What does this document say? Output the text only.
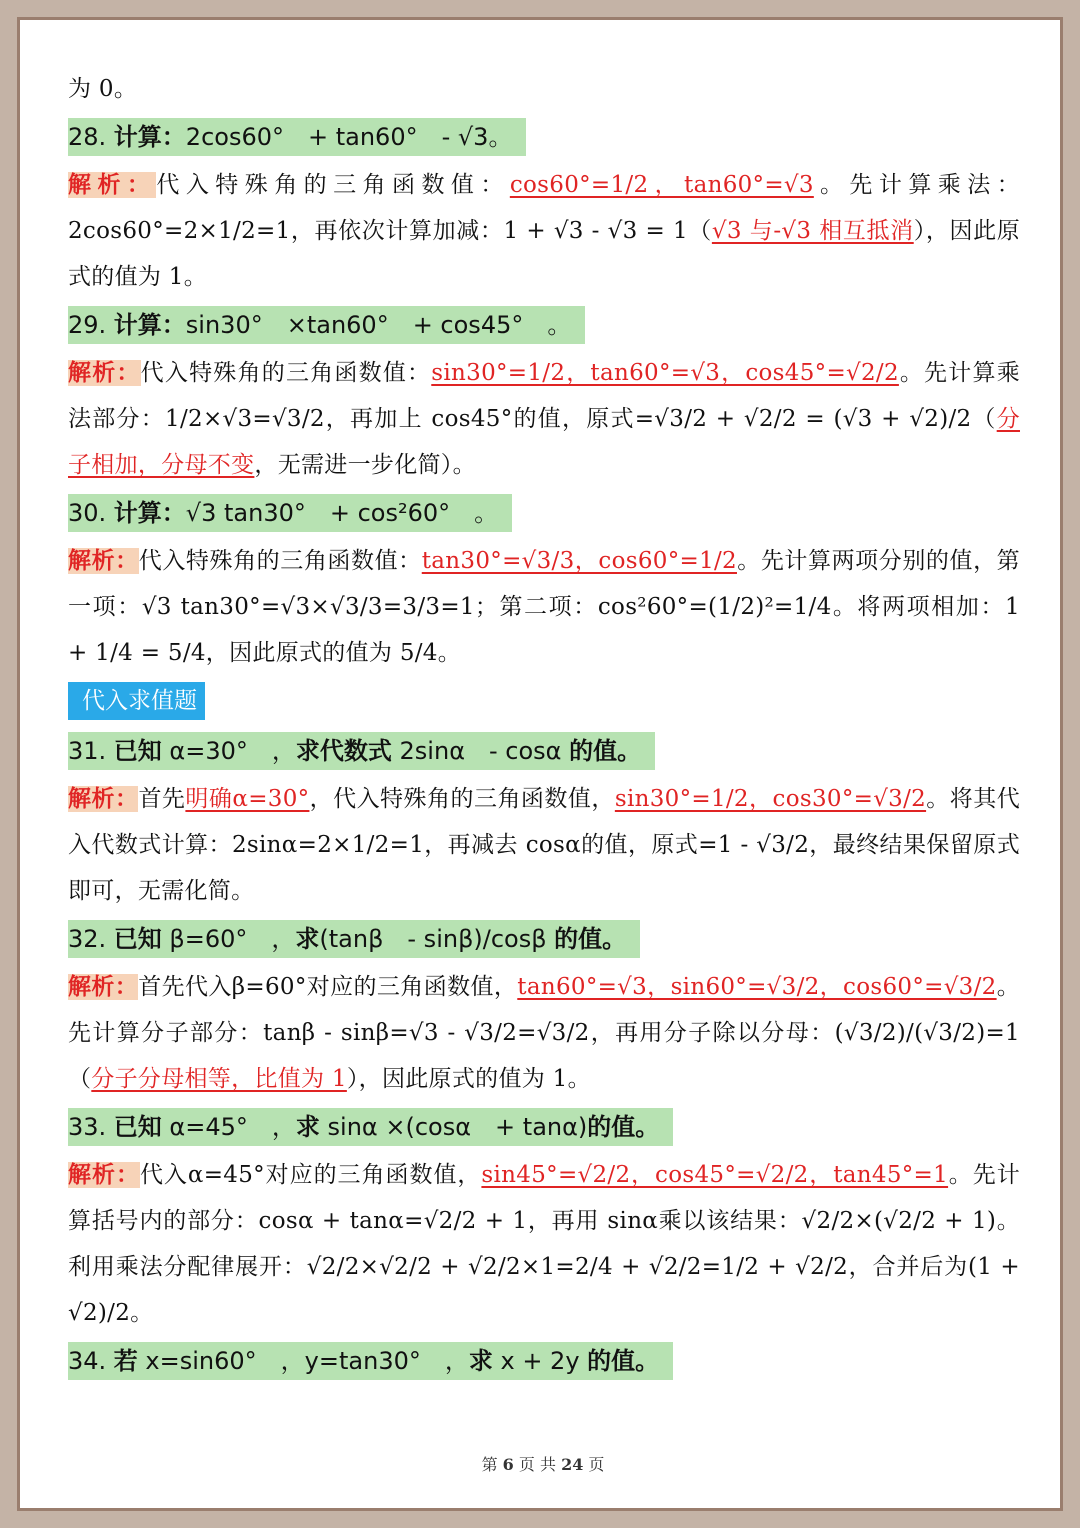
为 0。

28. 计算：2cos60°　+ tan60°　- √3。

解析：代入特殊角的三角函数值：cos60°=1/2，tan60°=√3。先计算乘法：2cos60°=2×1/2=1，再依次计算加减：1 + √3 - √3 = 1（√3 与-√3 相互抵消），因此原式的值为 1。

29. 计算：sin30°　×tan60°　+ cos45°　。

解析：代入特殊角的三角函数值：sin30°=1/2，tan60°=√3，cos45°=√2/2。先计算乘法部分：1/2×√3=√3/2，再加上 cos45°的值，原式=√3/2 + √2/2 = (√3 + √2)/2（分子相加，分母不变，无需进一步化简）。

30. 计算：√3 tan30°　+ cos²60°　。

解析：代入特殊角的三角函数值：tan30°=√3/3，cos60°=1/2。先计算两项分别的值，第一项：√3 tan30°=√3×√3/3=3/3=1；第二项：cos²60°=(1/2)²=1/4。将两项相加：1 + 1/4 = 5/4，因此原式的值为 5/4。

代入求值题
31. 已知 α=30°　，求代数式 2sinα　- cosα 的值。

解析：首先明确α=30°，代入特殊角的三角函数值，sin30°=1/2，cos30°=√3/2。将其代入代数式计算：2sinα=2×1/2=1，再减去 cosα的值，原式=1 - √3/2，最终结果保留原式即可，无需化简。

32. 已知 β=60°　，求(tanβ　- sinβ)/cosβ 的值。

解析：首先代入β=60°对应的三角函数值，tan60°=√3，sin60°=√3/2，cos60°=√3/2。先计算分子部分：tanβ - sinβ=√3 - √3/2=√3/2，再用分子除以分母：(√3/2)/(√3/2)=1（分子分母相等，比值为 1），因此原式的值为 1。

33. 已知 α=45°　，求 sinα ×(cosα　+ tanα)的值。

解析：代入α=45°对应的三角函数值，sin45°=√2/2，cos45°=√2/2，tan45°=1。先计算括号内的部分：cosα + tanα=√2/2 + 1，再用 sinα乘以该结果：√2/2×(√2/2 + 1)。利用乘法分配律展开：√2/2×√2/2 + √2/2×1=2/4 + √2/2=1/2 + √2/2，合并后为(1 + √2)/2。

34. 若 x=sin60°　，y=tan30°　，求 x + 2y 的值。
第 6 页 共 24 页
